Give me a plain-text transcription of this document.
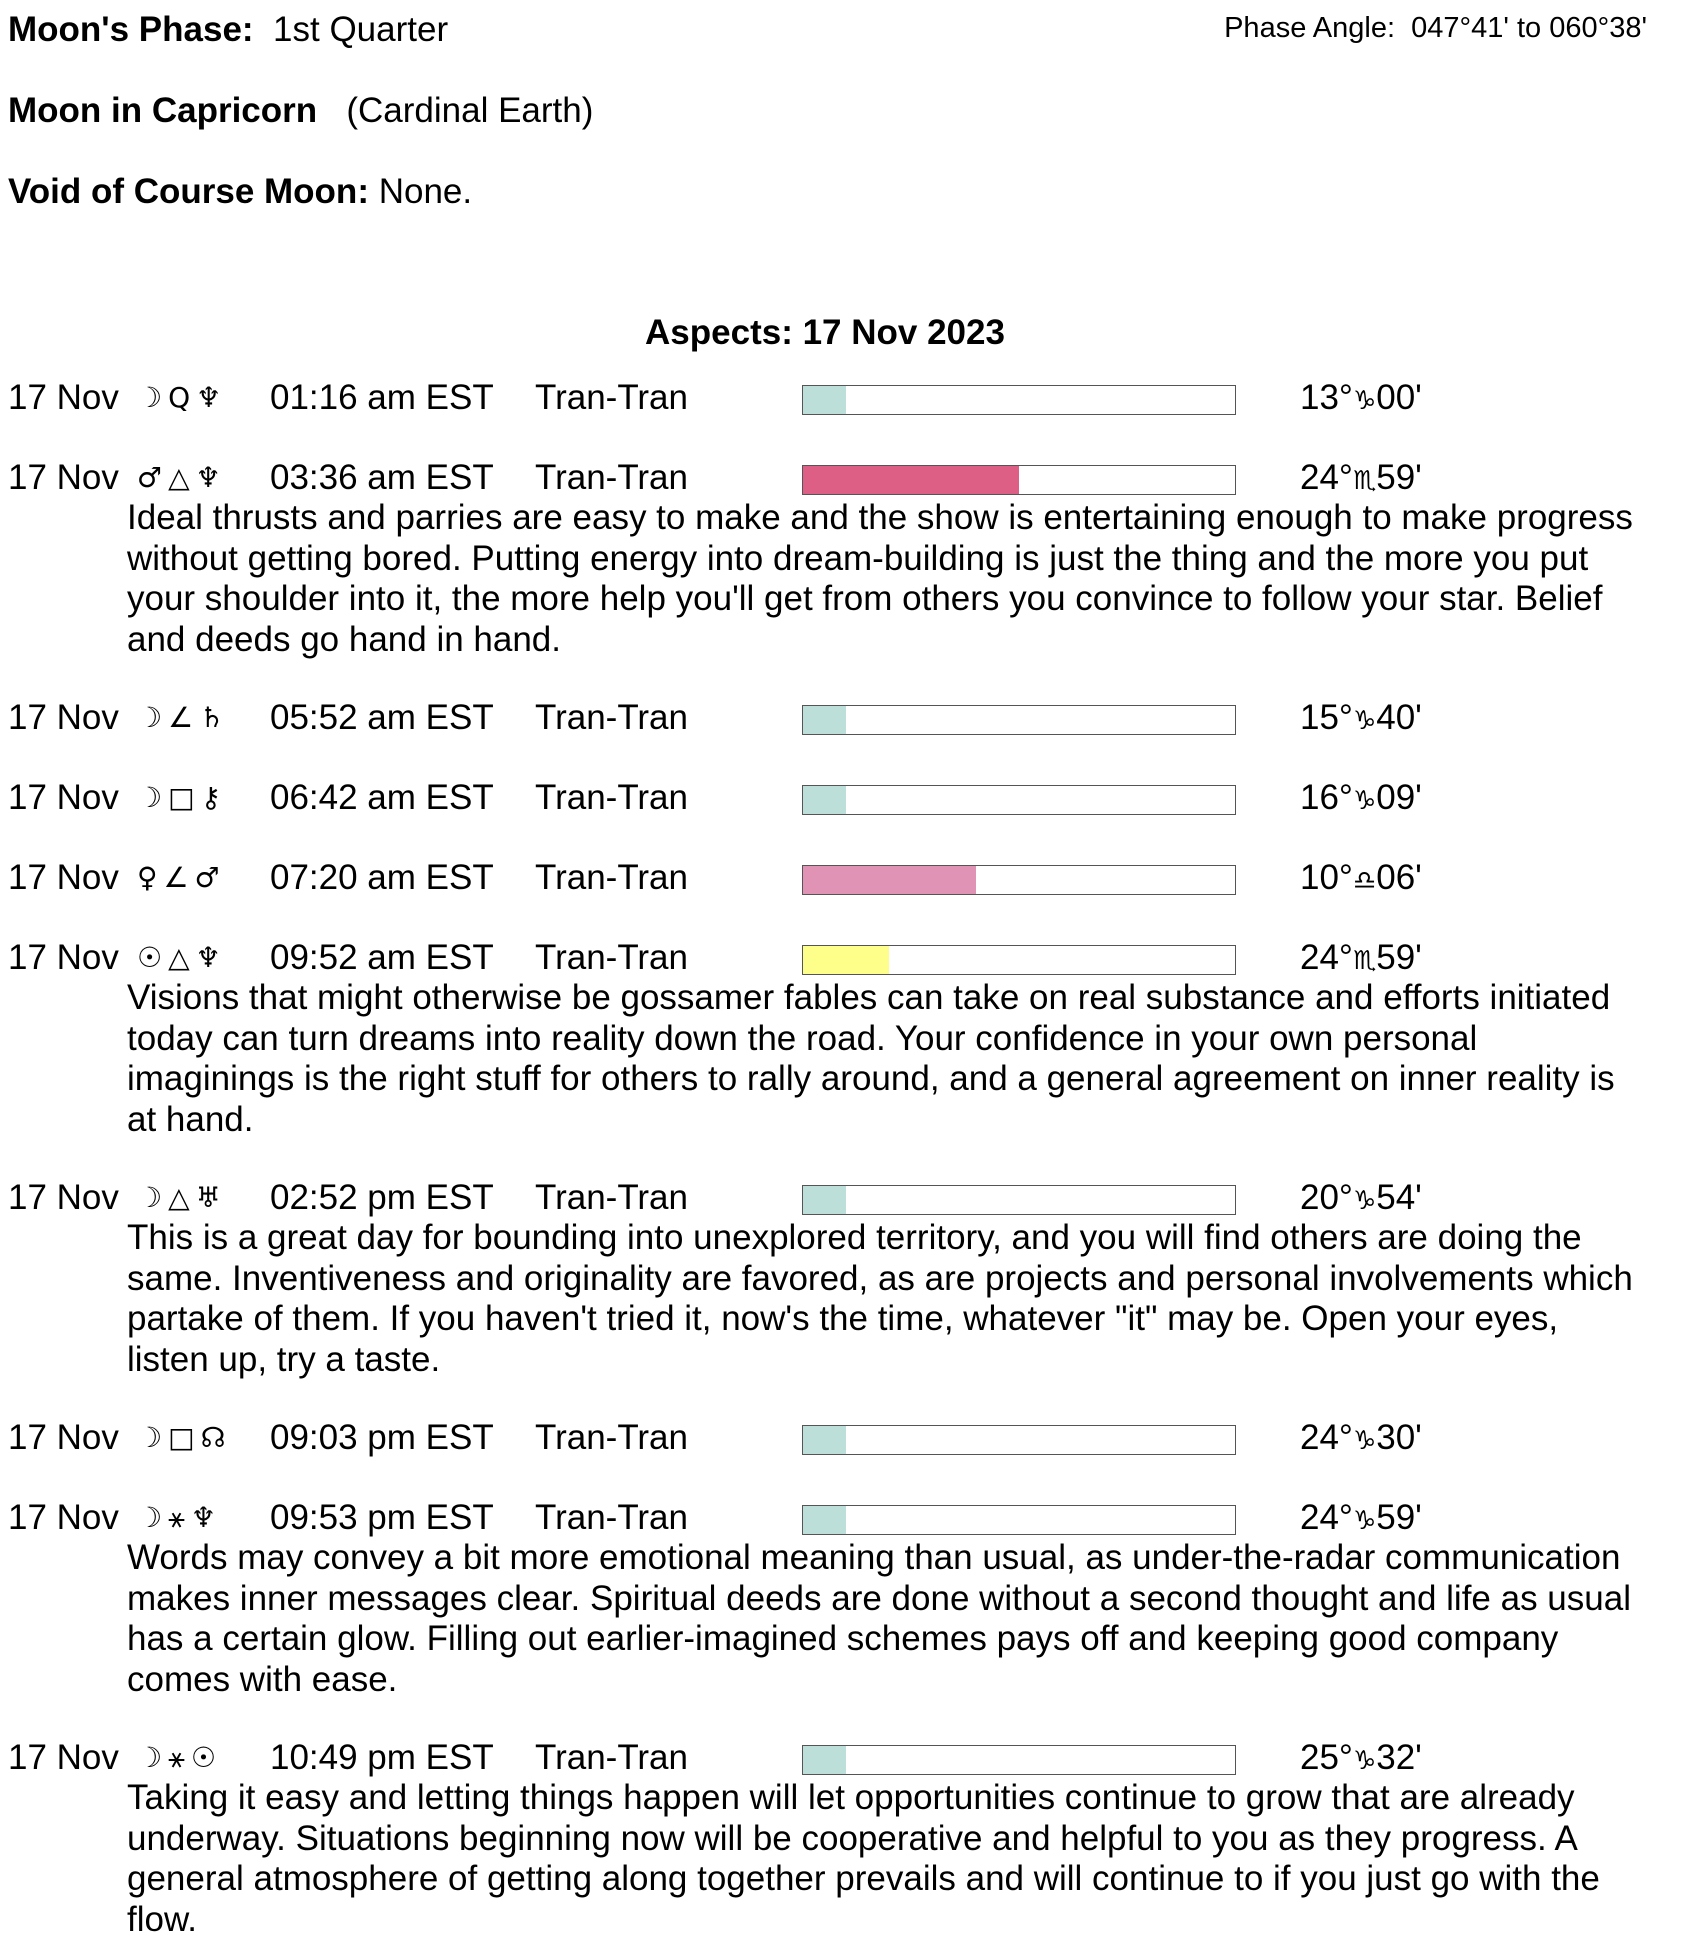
Moon's Phase: 1st Quarter	Phase Angle: 047°41' to 060°38'
Moon in Capricorn (Cardinal Earth)
Void of Course Moon: None.
Aspects: 17 Nov 2023
17 Nov ☽ Q ♆ 01:16 am EST Tran-Tran	13°♑00'
17 Nov ♂ △ ♆ 03:36 am EST Tran-Tran	24°♏59'
Ideal thrusts and parries are easy to make and the show is entertaining enough to make progress without getting bored. Putting energy into dream-building is just the thing and the more you put your shoulder into it, the more help you'll get from others you convince to follow your star. Belief and deeds go hand in hand.
17 Nov ☽ ∠ ♄ 05:52 am EST Tran-Tran	15°♑40'
17 Nov ☽ □ ⚷ 06:42 am EST Tran-Tran	16°♑09'
17 Nov ♀ ∠ ♂ 07:20 am EST Tran-Tran	10°♎06'
17 Nov ☉ △ ♆ 09:52 am EST Tran-Tran	24°♏59'
Visions that might otherwise be gossamer fables can take on real substance and efforts initiated today can turn dreams into reality down the road. Your confidence in your own personal imaginings is the right stuff for others to rally around, and a general agreement on inner reality is at hand.
17 Nov ☽ △ ♅ 02:52 pm EST Tran-Tran	20°♑54'
This is a great day for bounding into unexplored territory, and you will find others are doing the same. Inventiveness and originality are favored, as are projects and personal involvements which partake of them. If you haven't tried it, now's the time, whatever "it" may be. Open your eyes, listen up, try a taste.
17 Nov ☽ □ ☊ 09:03 pm EST Tran-Tran	24°♑30'
17 Nov ☽ ⚹ ♆ 09:53 pm EST Tran-Tran	24°♑59'
Words may convey a bit more emotional meaning than usual, as under-the-radar communication makes inner messages clear. Spiritual deeds are done without a second thought and life as usual has a certain glow. Filling out earlier-imagined schemes pays off and keeping good company comes with ease.
17 Nov ☽ ⚹ ☉ 10:49 pm EST Tran-Tran	25°♑32'
Taking it easy and letting things happen will let opportunities continue to grow that are already underway. Situations beginning now will be cooperative and helpful to you as they progress. A general atmosphere of getting along together prevails and will continue to if you just go with the flow.
